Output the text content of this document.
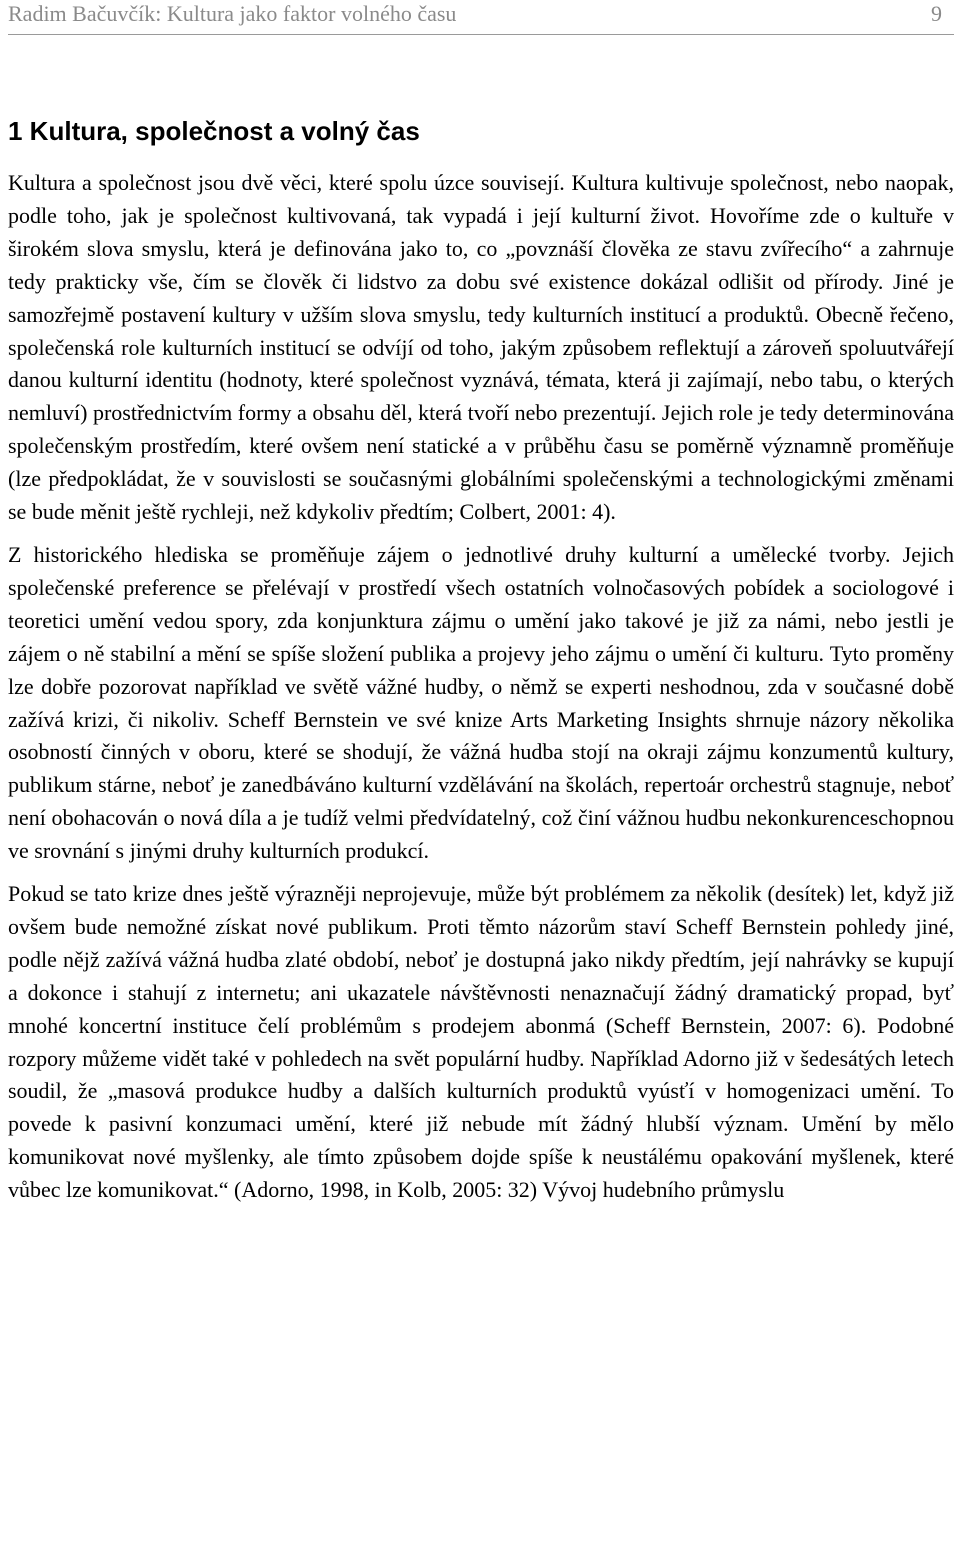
Radim Bačuvčík: Kultura jako faktor volného času	9
1 Kultura, společnost a volný čas

Kultura a společnost jsou dvě věci, které spolu úzce souvisejí. Kultura kultivuje společnost, nebo naopak, podle toho, jak je společnost kultivovaná, tak vypadá i její kulturní život. Hovoříme zde o kultuře v širokém slova smyslu, která je definována jako to, co „povznáší člověka ze stavu zvířecího“ a zahrnuje tedy prakticky vše, čím se člověk či lidstvo za dobu své existence dokázal odlišit od přírody. Jiné je samozřejmě postavení kultury v užším slova smyslu, tedy kulturních institucí a produktů. Obecně řečeno, společenská role kulturních institucí se odvíjí od toho, jakým způsobem reflektují a zároveň spoluutvářejí danou kulturní identitu (hodnoty, které společnost vyznává, témata, která ji zajímají, nebo tabu, o kterých nemluví) prostřednictvím formy a obsahu děl, která tvoří nebo prezentují. Jejich role je tedy determinována společenským prostředím, které ovšem není statické a v průběhu času se poměrně významně proměňuje (lze předpokládat, že v souvislosti se současnými globálními společenskými a technologickými změnami se bude měnit ještě rychleji, než kdykoliv předtím; Colbert, 2001: 4).

Z historického hlediska se proměňuje zájem o jednotlivé druhy kulturní a umělecké tvorby. Jejich společenské preference se přelévají v prostředí všech ostatních volnočasových pobídek a sociologové i teoretici umění vedou spory, zda konjunktura zájmu o umění jako takové je již za námi, nebo jestli je zájem o ně stabilní a mění se spíše složení publika a projevy jeho zájmu o umění či kulturu. Tyto proměny lze dobře pozorovat například ve světě vážné hudby, o němž se experti neshodnou, zda v současné době zažívá krizi, či nikoliv. Scheff Bernstein ve své knize Arts Marketing Insights shrnuje názory několika osobností činných v oboru, které se shodují, že vážná hudba stojí na okraji zájmu konzumentů kultury, publikum stárne, neboť je zanedbáváno kulturní vzdělávání na školách, repertoár orchestrů stagnuje, neboť není obohacován o nová díla a je tudíž velmi předvídatelný, což činí vážnou hudbu nekonkurenceschopnou ve srovnání s jinými druhy kulturních produkcí.

Pokud se tato krize dnes ještě výrazněji neprojevuje, může být problémem za několik (desítek) let, když již ovšem bude nemožné získat nové publikum. Proti těmto názorům staví Scheff Bernstein pohledy jiné, podle nějž zažívá vážná hudba zlaté období, neboť je dostupná jako nikdy předtím, její nahrávky se kupují a dokonce i stahují z internetu; ani ukazatele návštěvnosti nenaznačují žádný dramatický propad, byť mnohé koncertní instituce čelí problémům s prodejem abonmá (Scheff Bernstein, 2007: 6). Podobné rozpory můžeme vidět také v pohledech na svět populární hudby. Například Adorno již v šedesátých letech soudil, že „masová produkce hudby a dalších kulturních produktů vyúsťí v homogenizaci umění. To povede k pasivní konzumaci umění, které již nebude mít žádný hlubší význam. Umění by mělo komunikovat nové myšlenky, ale tímto způsobem dojde spíše k neustálému opakování myšlenek, které vůbec lze komunikovat.“ (Adorno, 1998, in Kolb, 2005: 32) Vývoj hudebního průmyslu
